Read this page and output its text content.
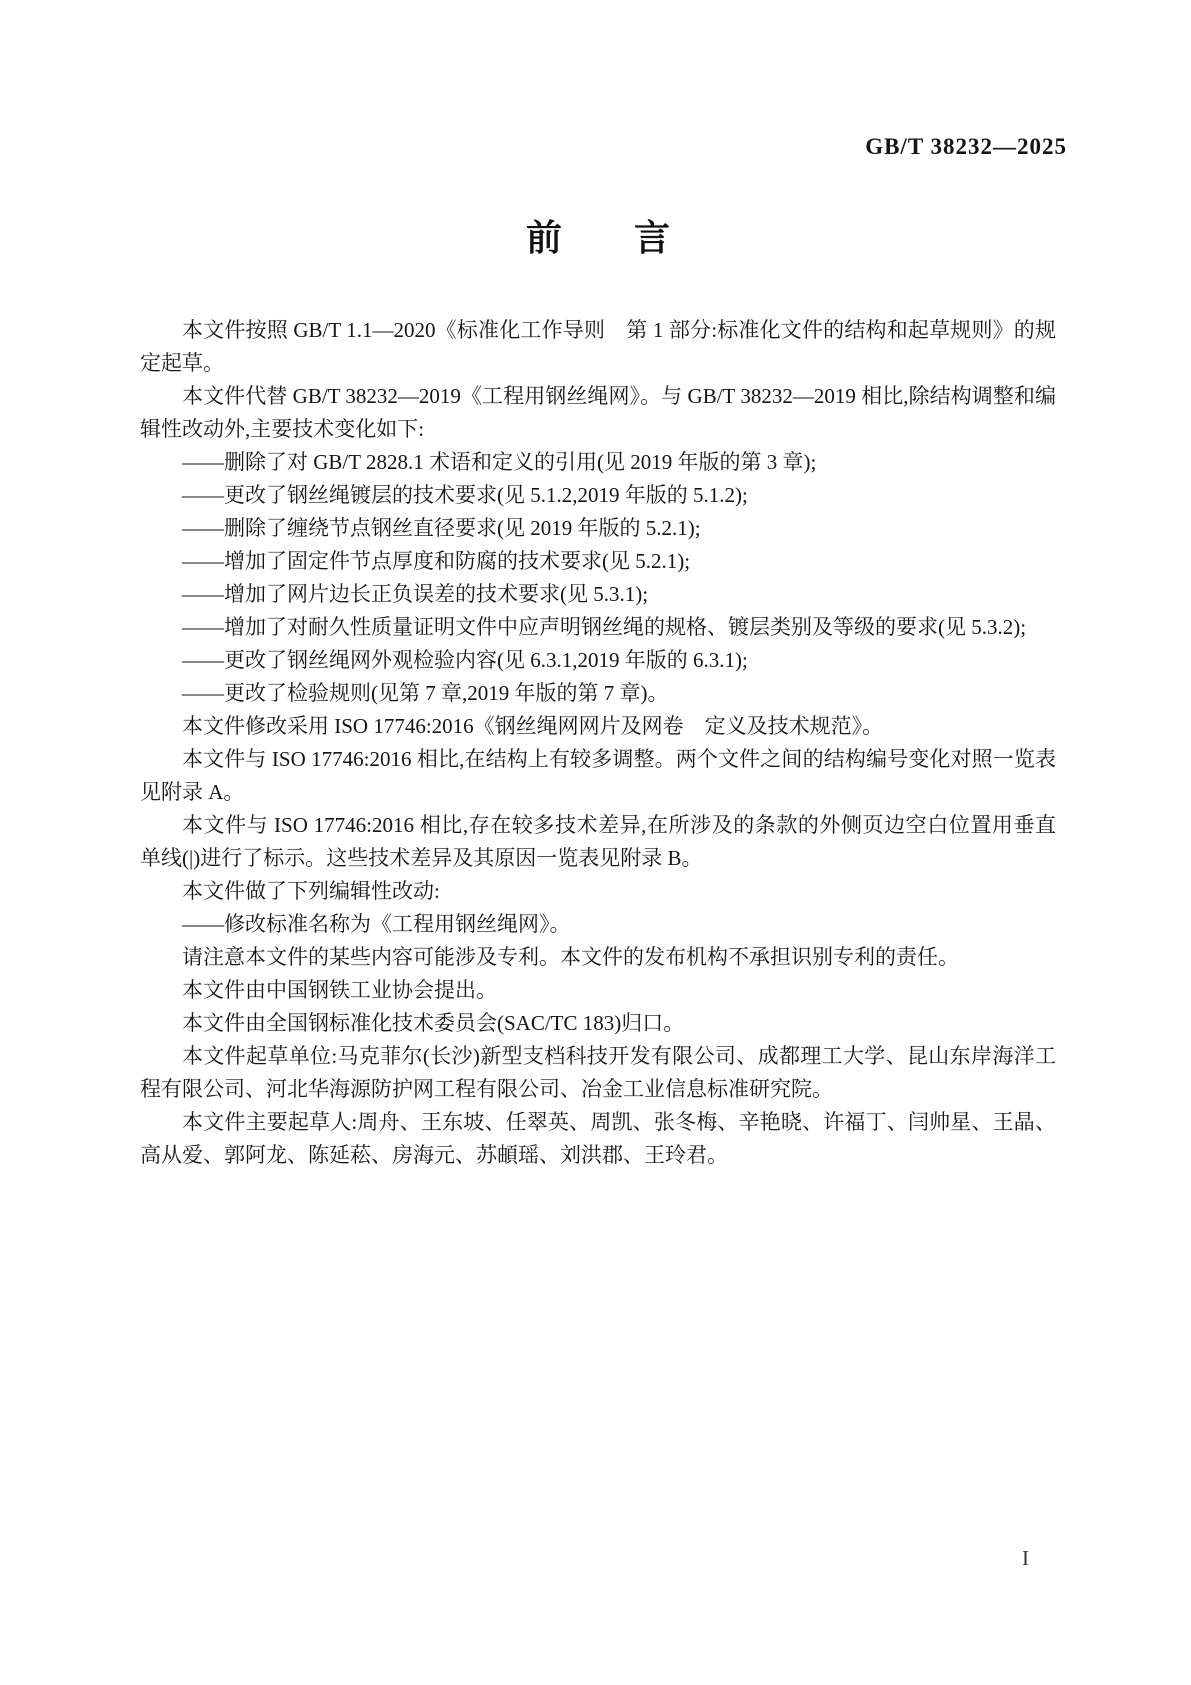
GB/T 38232—2025
前　　言

本文件按照 GB/T 1.1—2020《标准化工作导则　第 1 部分:标准化文件的结构和起草规则》的规定起草。

本文件代替 GB/T 38232—2019《工程用钢丝绳网》。与 GB/T 38232—2019 相比,除结构调整和编辑性改动外,主要技术变化如下:

——删除了对 GB/T 2828.1 术语和定义的引用(见 2019 年版的第 3 章);

——更改了钢丝绳镀层的技术要求(见 5.1.2,2019 年版的 5.1.2);

——删除了缠绕节点钢丝直径要求(见 2019 年版的 5.2.1);

——增加了固定件节点厚度和防腐的技术要求(见 5.2.1);

——增加了网片边长正负误差的技术要求(见 5.3.1);

——增加了对耐久性质量证明文件中应声明钢丝绳的规格、镀层类别及等级的要求(见 5.3.2);

——更改了钢丝绳网外观检验内容(见 6.3.1,2019 年版的 6.3.1);

——更改了检验规则(见第 7 章,2019 年版的第 7 章)。

本文件修改采用 ISO 17746:2016《钢丝绳网网片及网卷　定义及技术规范》。

本文件与 ISO 17746:2016 相比,在结构上有较多调整。两个文件之间的结构编号变化对照一览表见附录 A。

本文件与 ISO 17746:2016 相比,存在较多技术差异,在所涉及的条款的外侧页边空白位置用垂直单线(|)进行了标示。这些技术差异及其原因一览表见附录 B。

本文件做了下列编辑性改动:

——修改标准名称为《工程用钢丝绳网》。

请注意本文件的某些内容可能涉及专利。本文件的发布机构不承担识别专利的责任。

本文件由中国钢铁工业协会提出。

本文件由全国钢标准化技术委员会(SAC/TC 183)归口。

本文件起草单位:马克菲尔(长沙)新型支档科技开发有限公司、成都理工大学、昆山东岸海洋工程有限公司、河北华海源防护网工程有限公司、冶金工业信息标准研究院。

本文件主要起草人:周舟、王东坡、任翠英、周凯、张冬梅、辛艳晓、许福丁、闫帅星、王晶、高从爱、郭阿龙、陈延菘、房海元、苏頔瑶、刘洪郡、王玲君。

I
